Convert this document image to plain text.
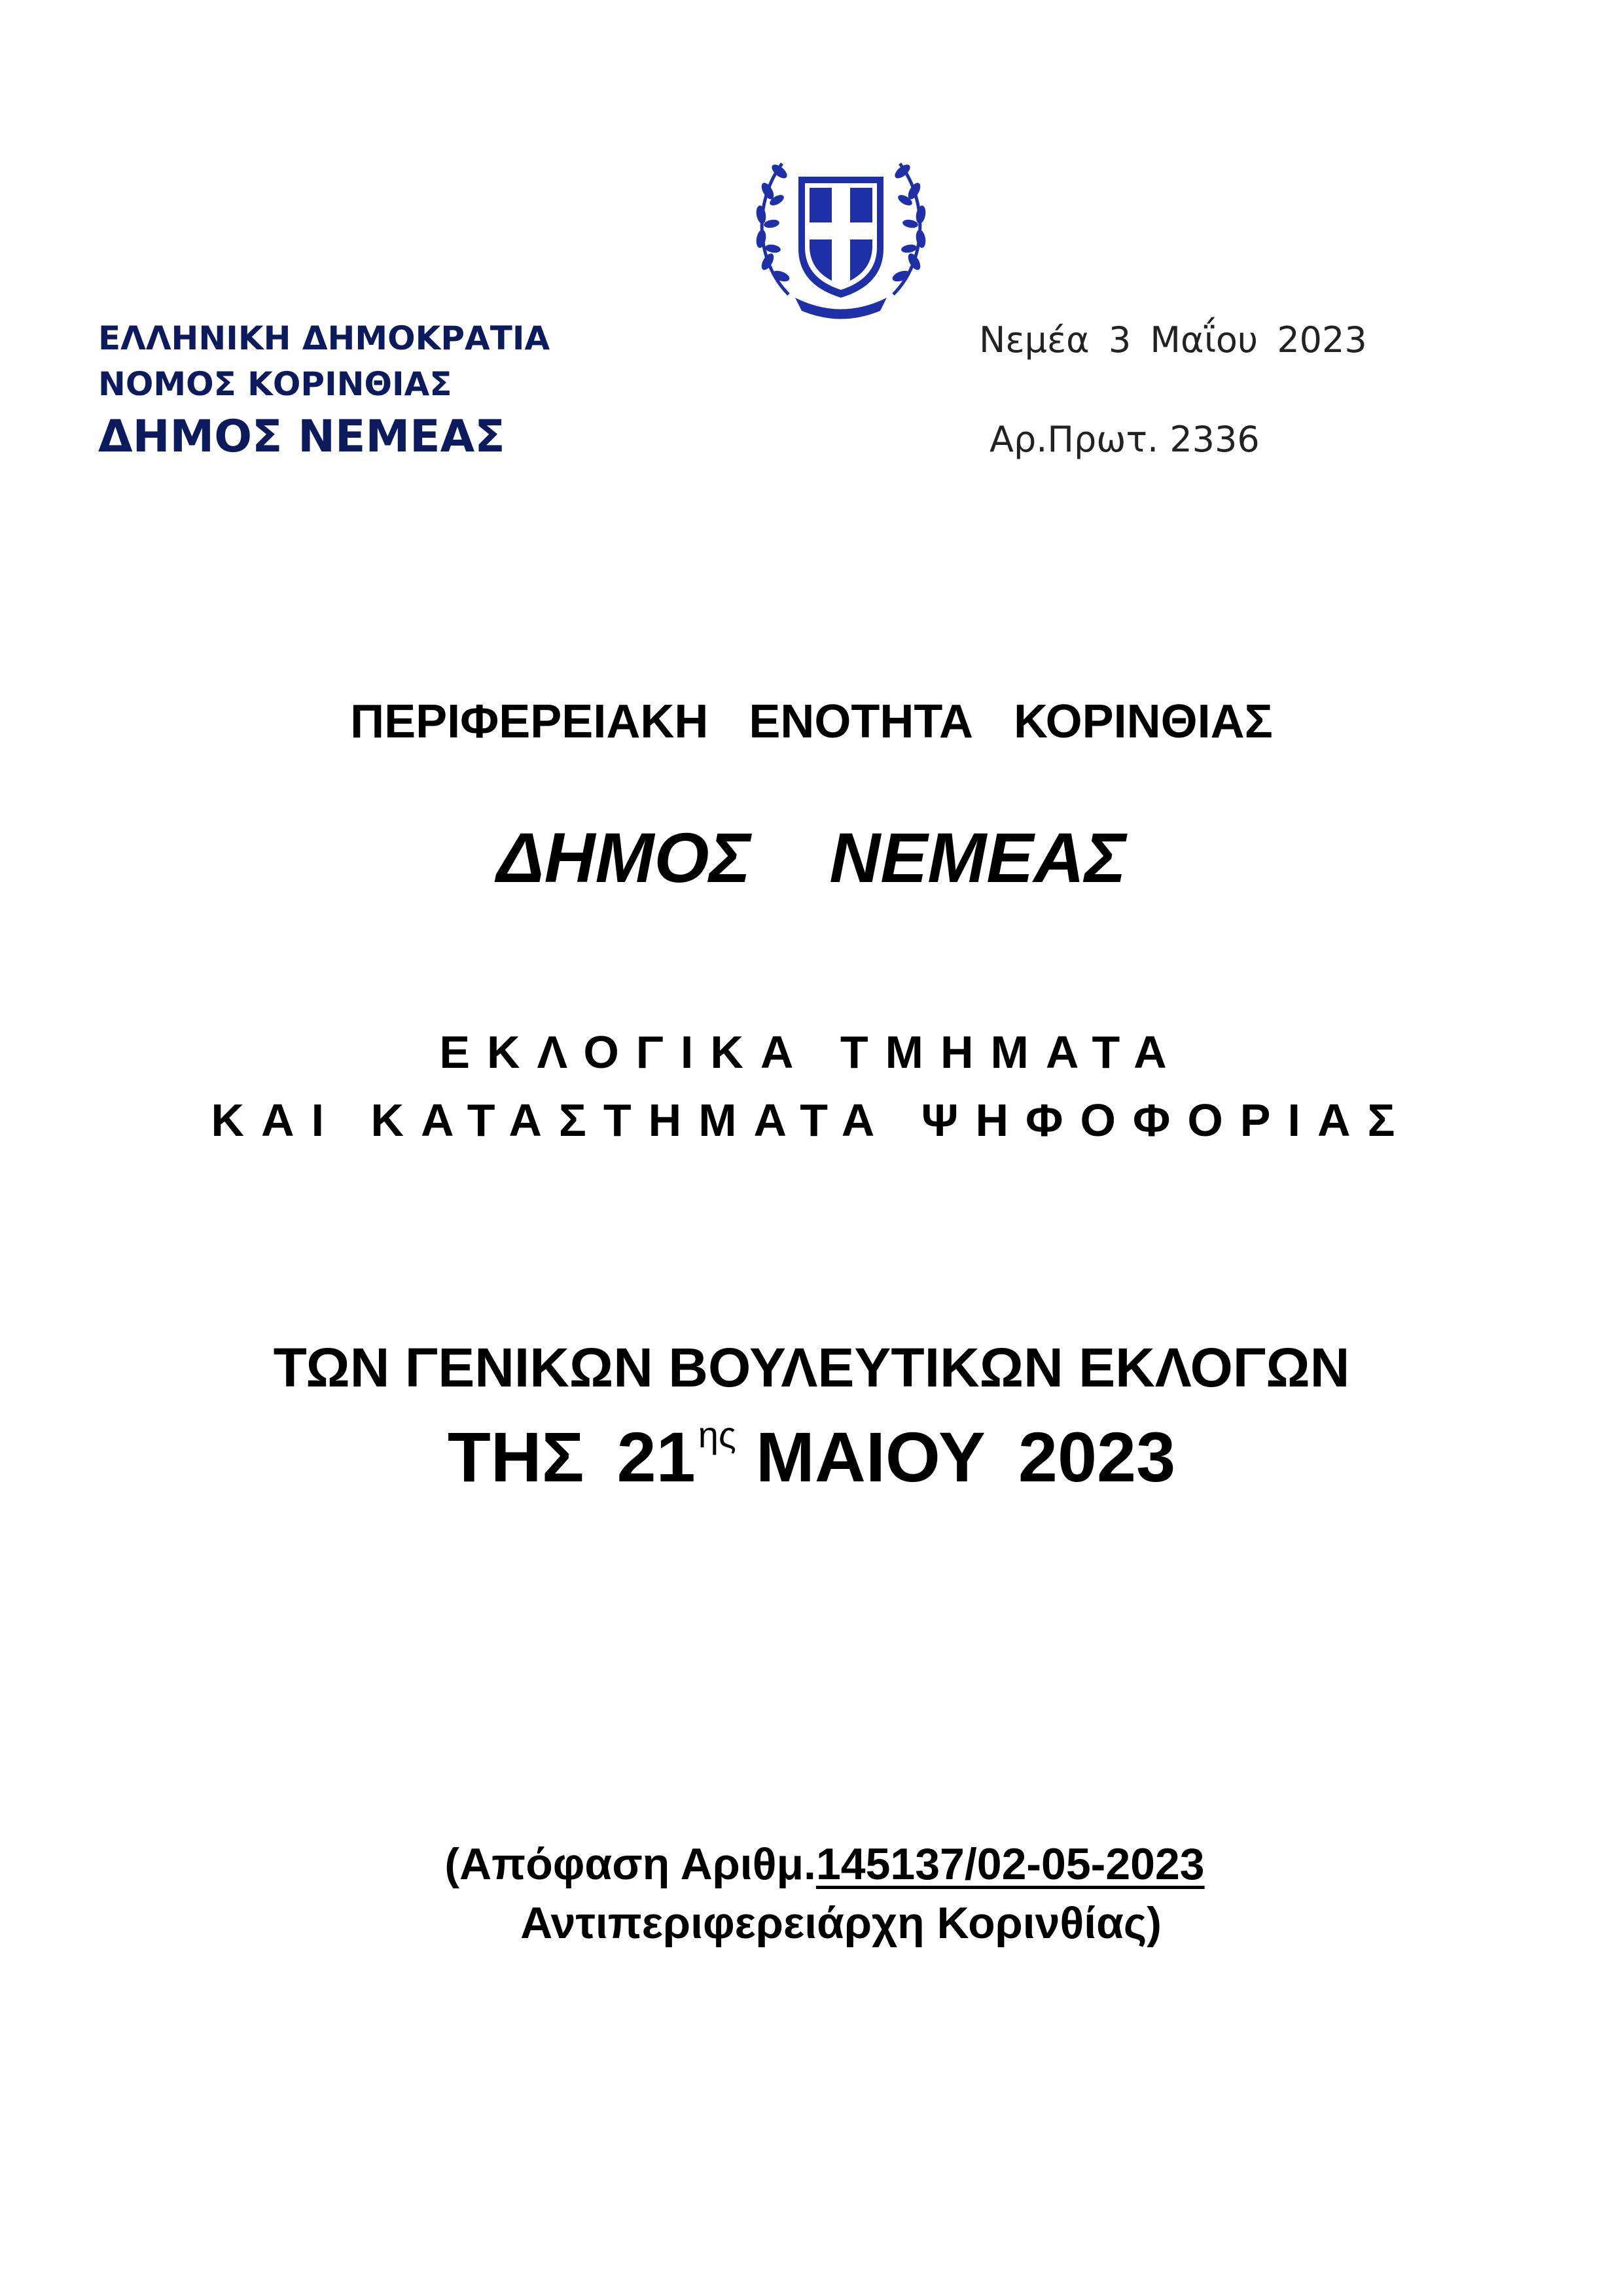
ΕΛΛΗΝΙΚΗ ΔΗΜΟΚΡΑΤΙΑ
ΝΟΜΟΣ ΚΟΡΙΝΘΙΑΣ
ΔΗΜΟΣ ΝΕΜΕΑΣ
Νεμέα 3 Μαΐου 2023
Αρ.Πρωτ. 2336
ΠΕΡΙΦΕΡΕΙΑΚΗ ΕΝΟΤΗΤΑ ΚΟΡΙΝΘΙΑΣ
ΔΗΜΟΣ ΝΕΜΕΑΣ
ΕΚΛΟΓΙΚΑ ΤΜΗΜΑΤΑ
ΚΑΙ ΚΑΤΑΣΤΗΜΑΤΑ ΨΗΦΟΦΟΡΙΑΣ
ΤΩΝ ΓΕΝΙΚΩΝ ΒΟΥΛΕΥΤΙΚΩΝ ΕΚΛΟΓΩΝ
ΤΗΣ $21^{\eta\varsigma}$ ΜΑΙΟΥ 2023
(Απόφαση Αριθμ.145137/02-05-2023
Αντιπεριφερειάρχη Κορινθίας)
